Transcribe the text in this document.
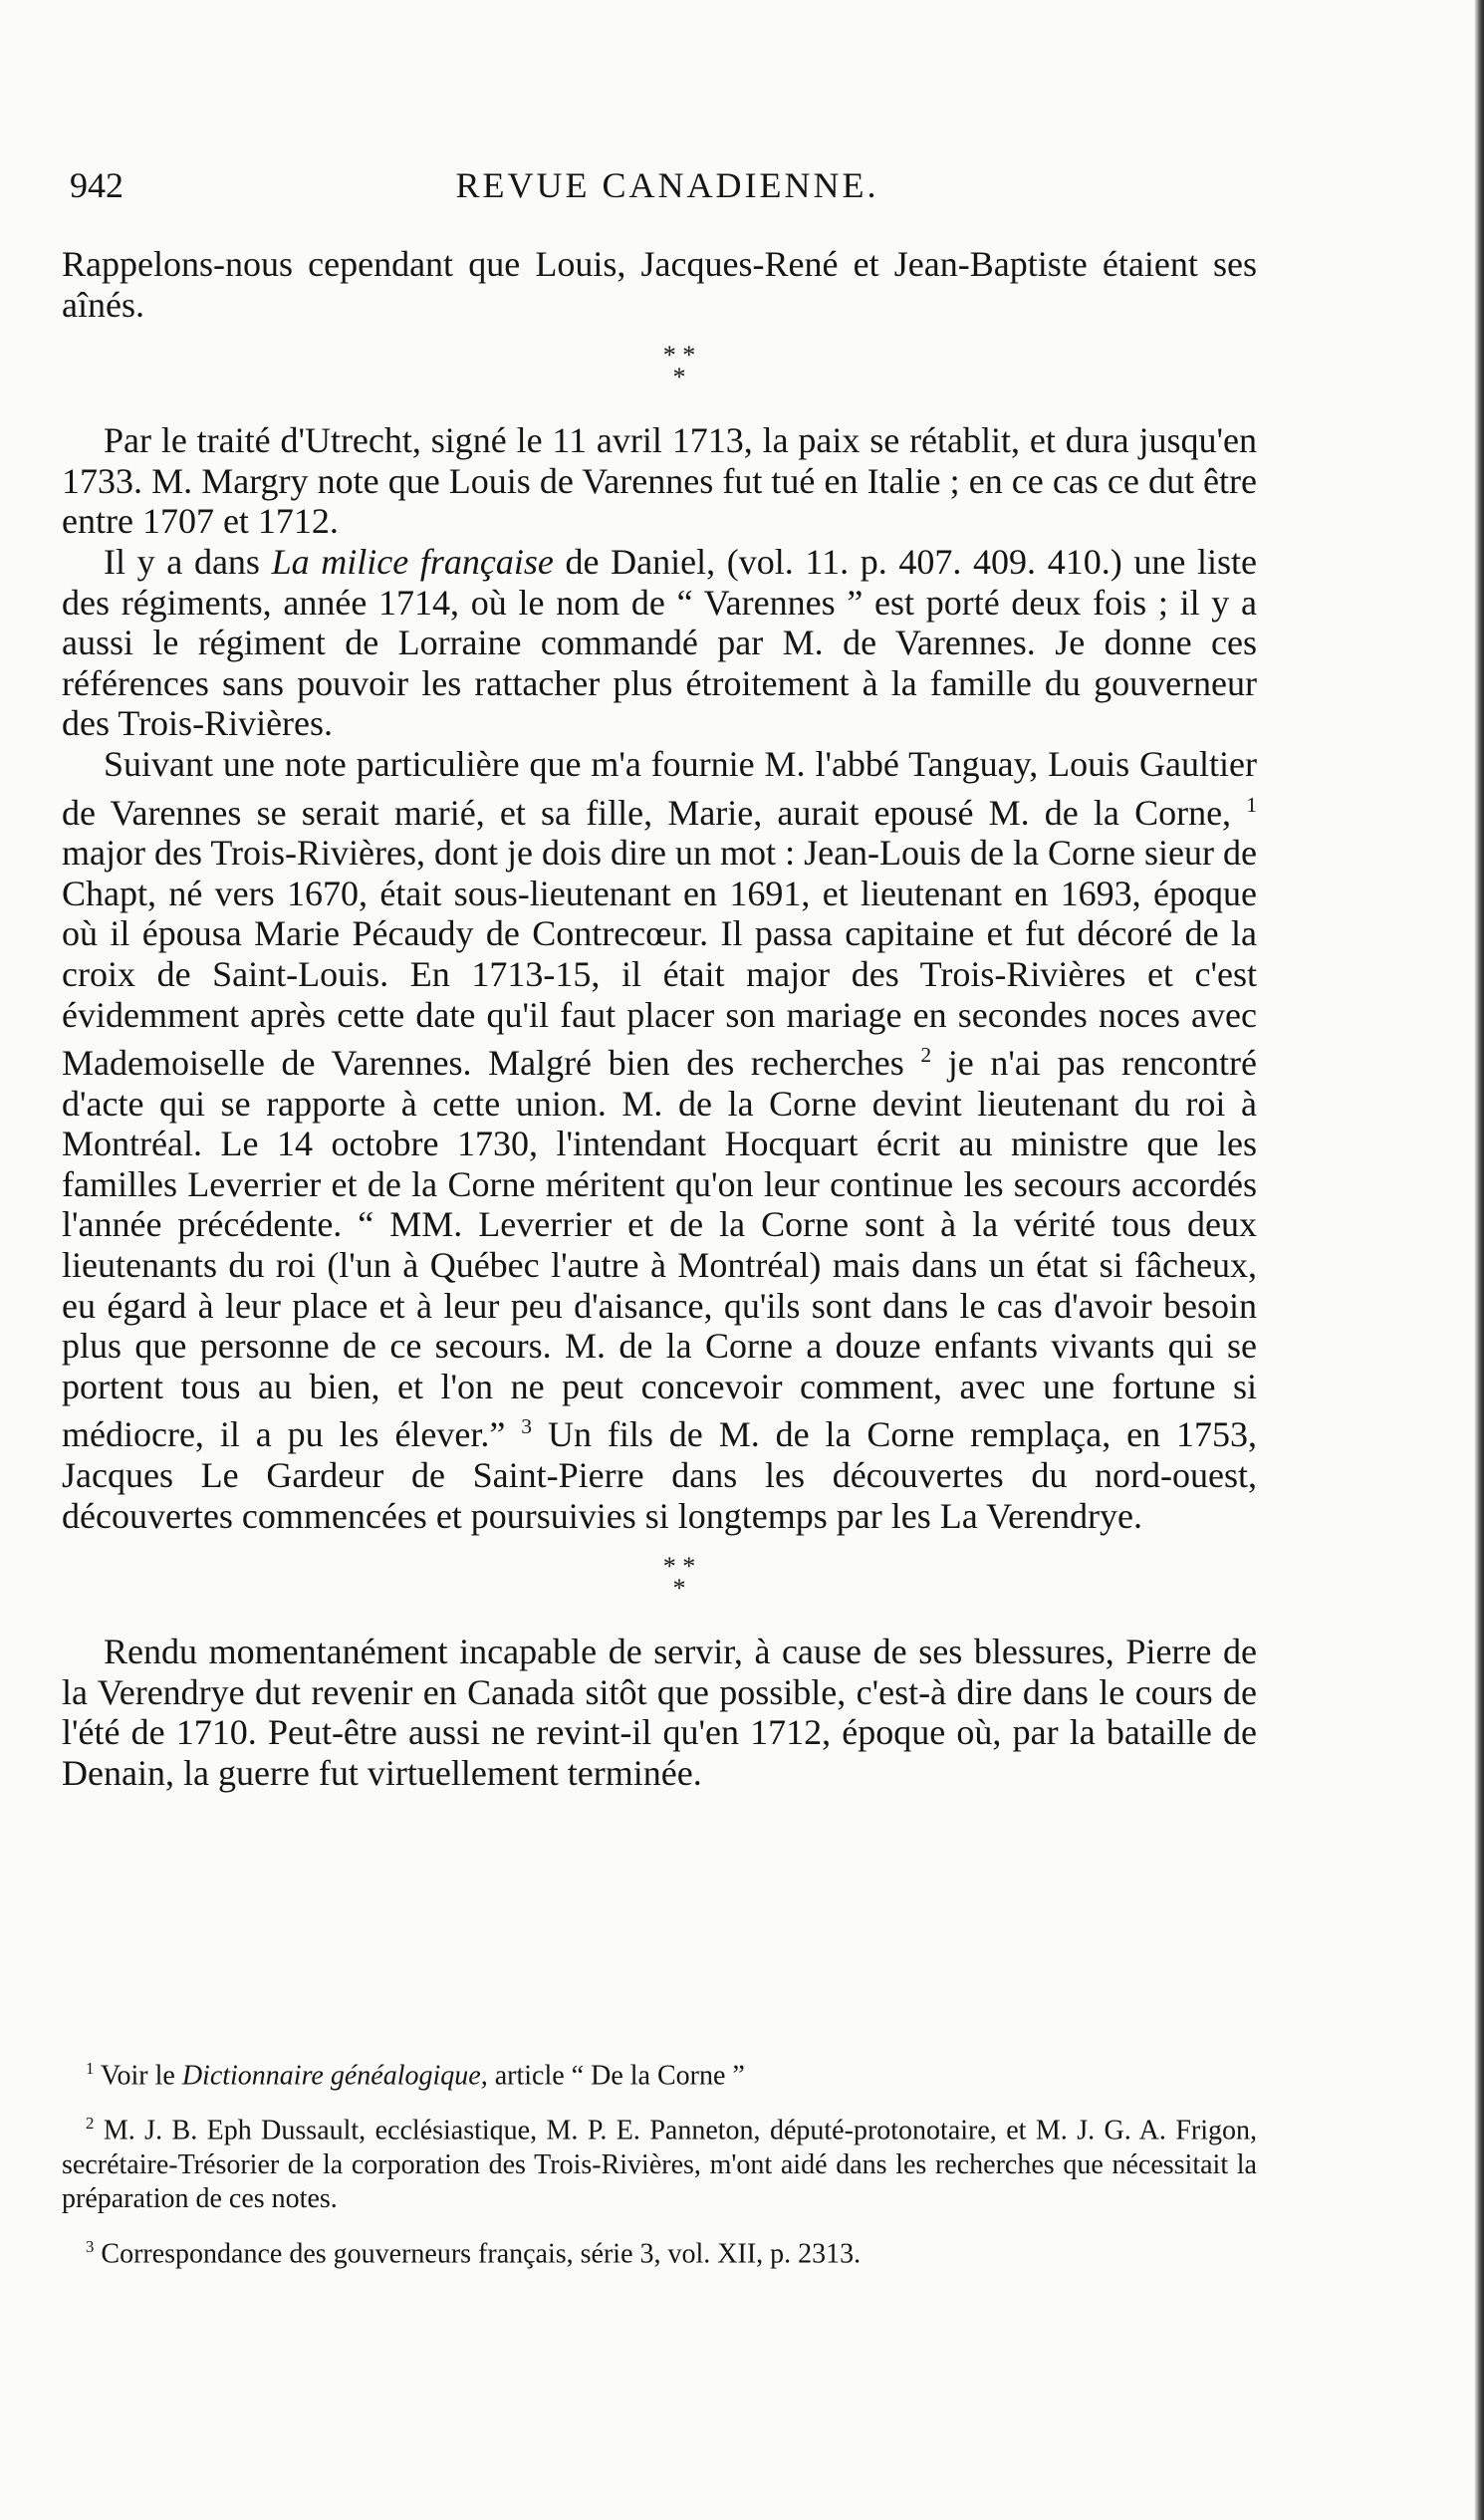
942	REVUE CANADIENNE.

Rappelons-nous cependant que Louis, Jacques-René et Jean-Baptiste étaient ses aînés.

* *
*

Par le traité d'Utrecht, signé le 11 avril 1713, la paix se rétablit, et dura jusqu'en 1733. M. Margry note que Louis de Varennes fut tué en Italie ; en ce cas ce dut être entre 1707 et 1712.

Il y a dans La milice française de Daniel, (vol. 11. p. 407. 409. 410.) une liste des régiments, année 1714, où le nom de “ Varennes ” est porté deux fois ; il y a aussi le régiment de Lorraine commandé par M. de Varennes. Je donne ces références sans pouvoir les rattacher plus étroitement à la famille du gouverneur des Trois-Rivières.

Suivant une note particulière que m'a fournie M. l'abbé Tanguay, Louis Gaultier de Varennes se serait marié, et sa fille, Marie, aurait epousé M. de la Corne, $^1$ major des Trois-Rivières, dont je dois dire un mot : Jean-Louis de la Corne sieur de Chapt, né vers 1670, était sous-lieutenant en 1691, et lieutenant en 1693, époque où il épousa Marie Pécaudy de Contrecœur. Il passa capitaine et fut décoré de la croix de Saint-Louis. En 1713-15, il était major des Trois-Rivières et c'est évidemment après cette date qu'il faut placer son mariage en secondes noces avec Mademoiselle de Varennes. Malgré bien des recherches $^2$ je n'ai pas rencontré d'acte qui se rapporte à cette union. M. de la Corne devint lieutenant du roi à Montréal. Le 14 octobre 1730, l'intendant Hocquart écrit au ministre que les familles Leverrier et de la Corne méritent qu'on leur continue les secours accordés l'année précédente. “ MM. Leverrier et de la Corne sont à la vérité tous deux lieutenants du roi (l'un à Québec l'autre à Montréal) mais dans un état si fâcheux, eu égard à leur place et à leur peu d'aisance, qu'ils sont dans le cas d'avoir besoin plus que personne de ce secours. M. de la Corne a douze enfants vivants qui se portent tous au bien, et l'on ne peut concevoir comment, avec une fortune si médiocre, il a pu les élever.” $^3$ Un fils de M. de la Corne remplaça, en 1753, Jacques Le Gardeur de Saint-Pierre dans les découvertes du nord-ouest, découvertes commencées et poursuivies si longtemps par les La Verendrye.

* *
*

Rendu momentanément incapable de servir, à cause de ses blessures, Pierre de la Verendrye dut revenir en Canada sitôt que possible, c'est-à dire dans le cours de l'été de 1710. Peut-être aussi ne revint-il qu'en 1712, époque où, par la bataille de Denain, la guerre fut virtuellement terminée.

$^1$ Voir le Dictionnaire généalogique, article “ De la Corne ”

$^2$ M. J. B. Eph Dussault, ecclésiastique, M. P. E. Panneton, député-protonotaire, et M. J. G. A. Frigon, secrétaire-Trésorier de la corporation des Trois-Rivières, m'ont aidé dans les recherches que nécessitait la préparation de ces notes.

$^3$ Correspondance des gouverneurs français, série 3, vol. XII, p. 2313.
